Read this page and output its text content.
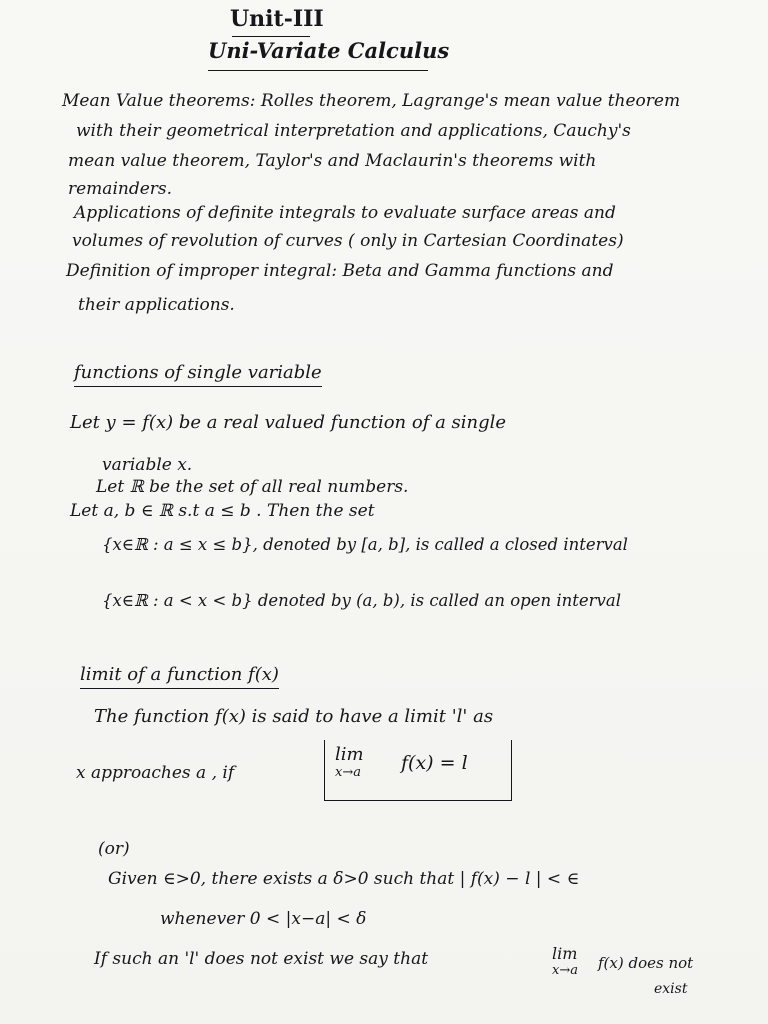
Unit-III
Uni-Variate Calculus
Mean Value theorems: Rolles theorem, Lagrange's mean value theorem
with their geometrical interpretation and applications, Cauchy's
mean value theorem, Taylor's and Maclaurin's theorems with
remainders.
Applications of definite integrals to evaluate surface areas and
volumes of revolution of curves ( only in Cartesian Coordinates)
Definition of improper integral: Beta and Gamma functions and
their applications.
functions of single variable
Let y = f(x) be a real valued function of a single
variable x.
Let ℝ be the set of all real numbers.
Let a, b ∈ ℝ s.t a ≤ b . Then the set
{x∈ℝ : a ≤ x ≤ b}, denoted by [a, b], is called a closed interval
{x∈ℝ : a < x < b} denoted by (a, b), is called an open interval
limit of a function f(x)
The function f(x) is said to have a limit 'l' as
x approaches a , if
lim
x→a f(x) = l
(or)
Given ∈>0, there exists a δ>0 such that | f(x) − l | < ∈
whenever 0 < |x−a| < δ
If such an 'l' does not exist we say that	lim
x→a f(x) does not
exist
